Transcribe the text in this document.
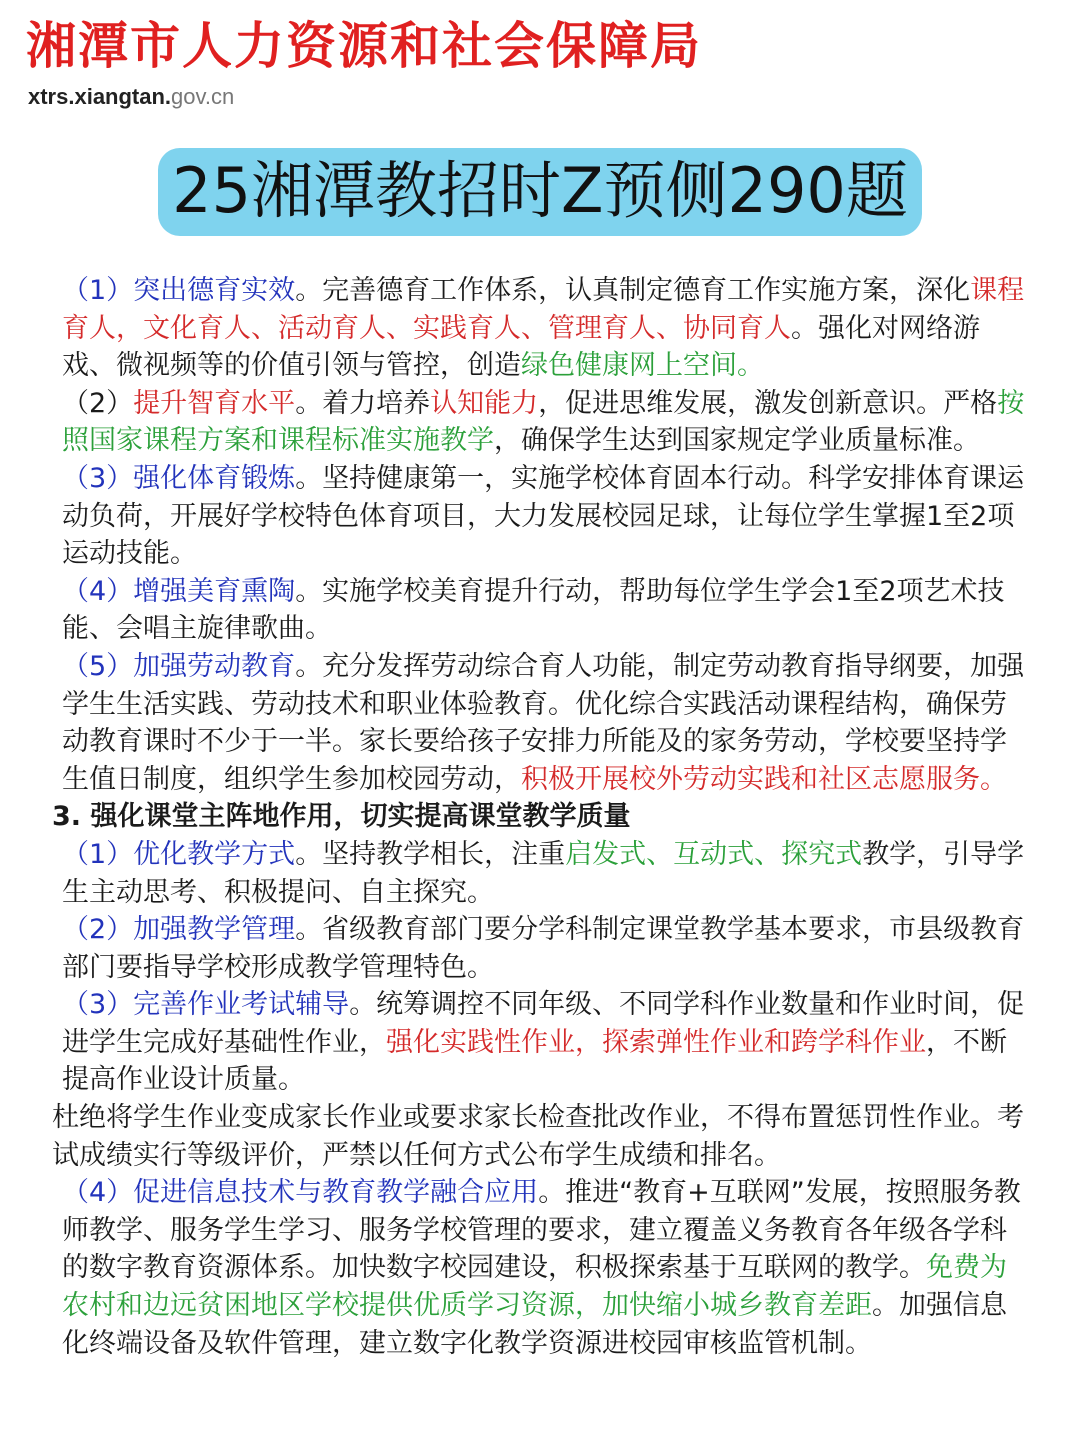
湘潭市人力资源和社会保障局
xtrs.xiangtan.gov.cn
25湘潭教招时Z预侧290题

（1）突出德育实效。完善德育工作体系，认真制定德育工作实施方案，深化课程育人，文化育人、活动育人、实践育人、管理育人、协同育人。强化对网络游戏、微视频等的价值引领与管控，创造绿色健康网上空间。

（2）提升智育水平。着力培养认知能力，促进思维发展，激发创新意识。严格按照国家课程方案和课程标准实施教学，确保学生达到国家规定学业质量标准。

（3）强化体育锻炼。坚持健康第一，实施学校体育固本行动。科学安排体育课运动负荷，开展好学校特色体育项目，大力发展校园足球，让每位学生掌握1至2项运动技能。

（4）增强美育熏陶。实施学校美育提升行动，帮助每位学生学会1至2项艺术技能、会唱主旋律歌曲。

（5）加强劳动教育。充分发挥劳动综合育人功能，制定劳动教育指导纲要，加强学生生活实践、劳动技术和职业体验教育。优化综合实践活动课程结构，确保劳动教育课时不少于一半。家长要给孩子安排力所能及的家务劳动，学校要坚持学生值日制度，组织学生参加校园劳动，积极开展校外劳动实践和社区志愿服务。

3. 强化课堂主阵地作用，切实提高课堂教学质量

（1）优化教学方式。坚持教学相长，注重启发式、互动式、探究式教学，引导学生主动思考、积极提问、自主探究。

（2）加强教学管理。省级教育部门要分学科制定课堂教学基本要求，市县级教育部门要指导学校形成教学管理特色。

（3）完善作业考试辅导。统筹调控不同年级、不同学科作业数量和作业时间，促进学生完成好基础性作业，强化实践性作业，探索弹性作业和跨学科作业，不断提高作业设计质量。

杜绝将学生作业变成家长作业或要求家长检查批改作业，不得布置惩罚性作业。考试成绩实行等级评价，严禁以任何方式公布学生成绩和排名。

（4）促进信息技术与教育教学融合应用。推进“教育+互联网”发展，按照服务教师教学、服务学生学习、服务学校管理的要求，建立覆盖义务教育各年级各学科的数字教育资源体系。加快数字校园建设，积极探索基于互联网的教学。免费为农村和边远贫困地区学校提供优质学习资源，加快缩小城乡教育差距。加强信息化终端设备及软件管理，建立数字化教学资源进校园审核监管机制。
